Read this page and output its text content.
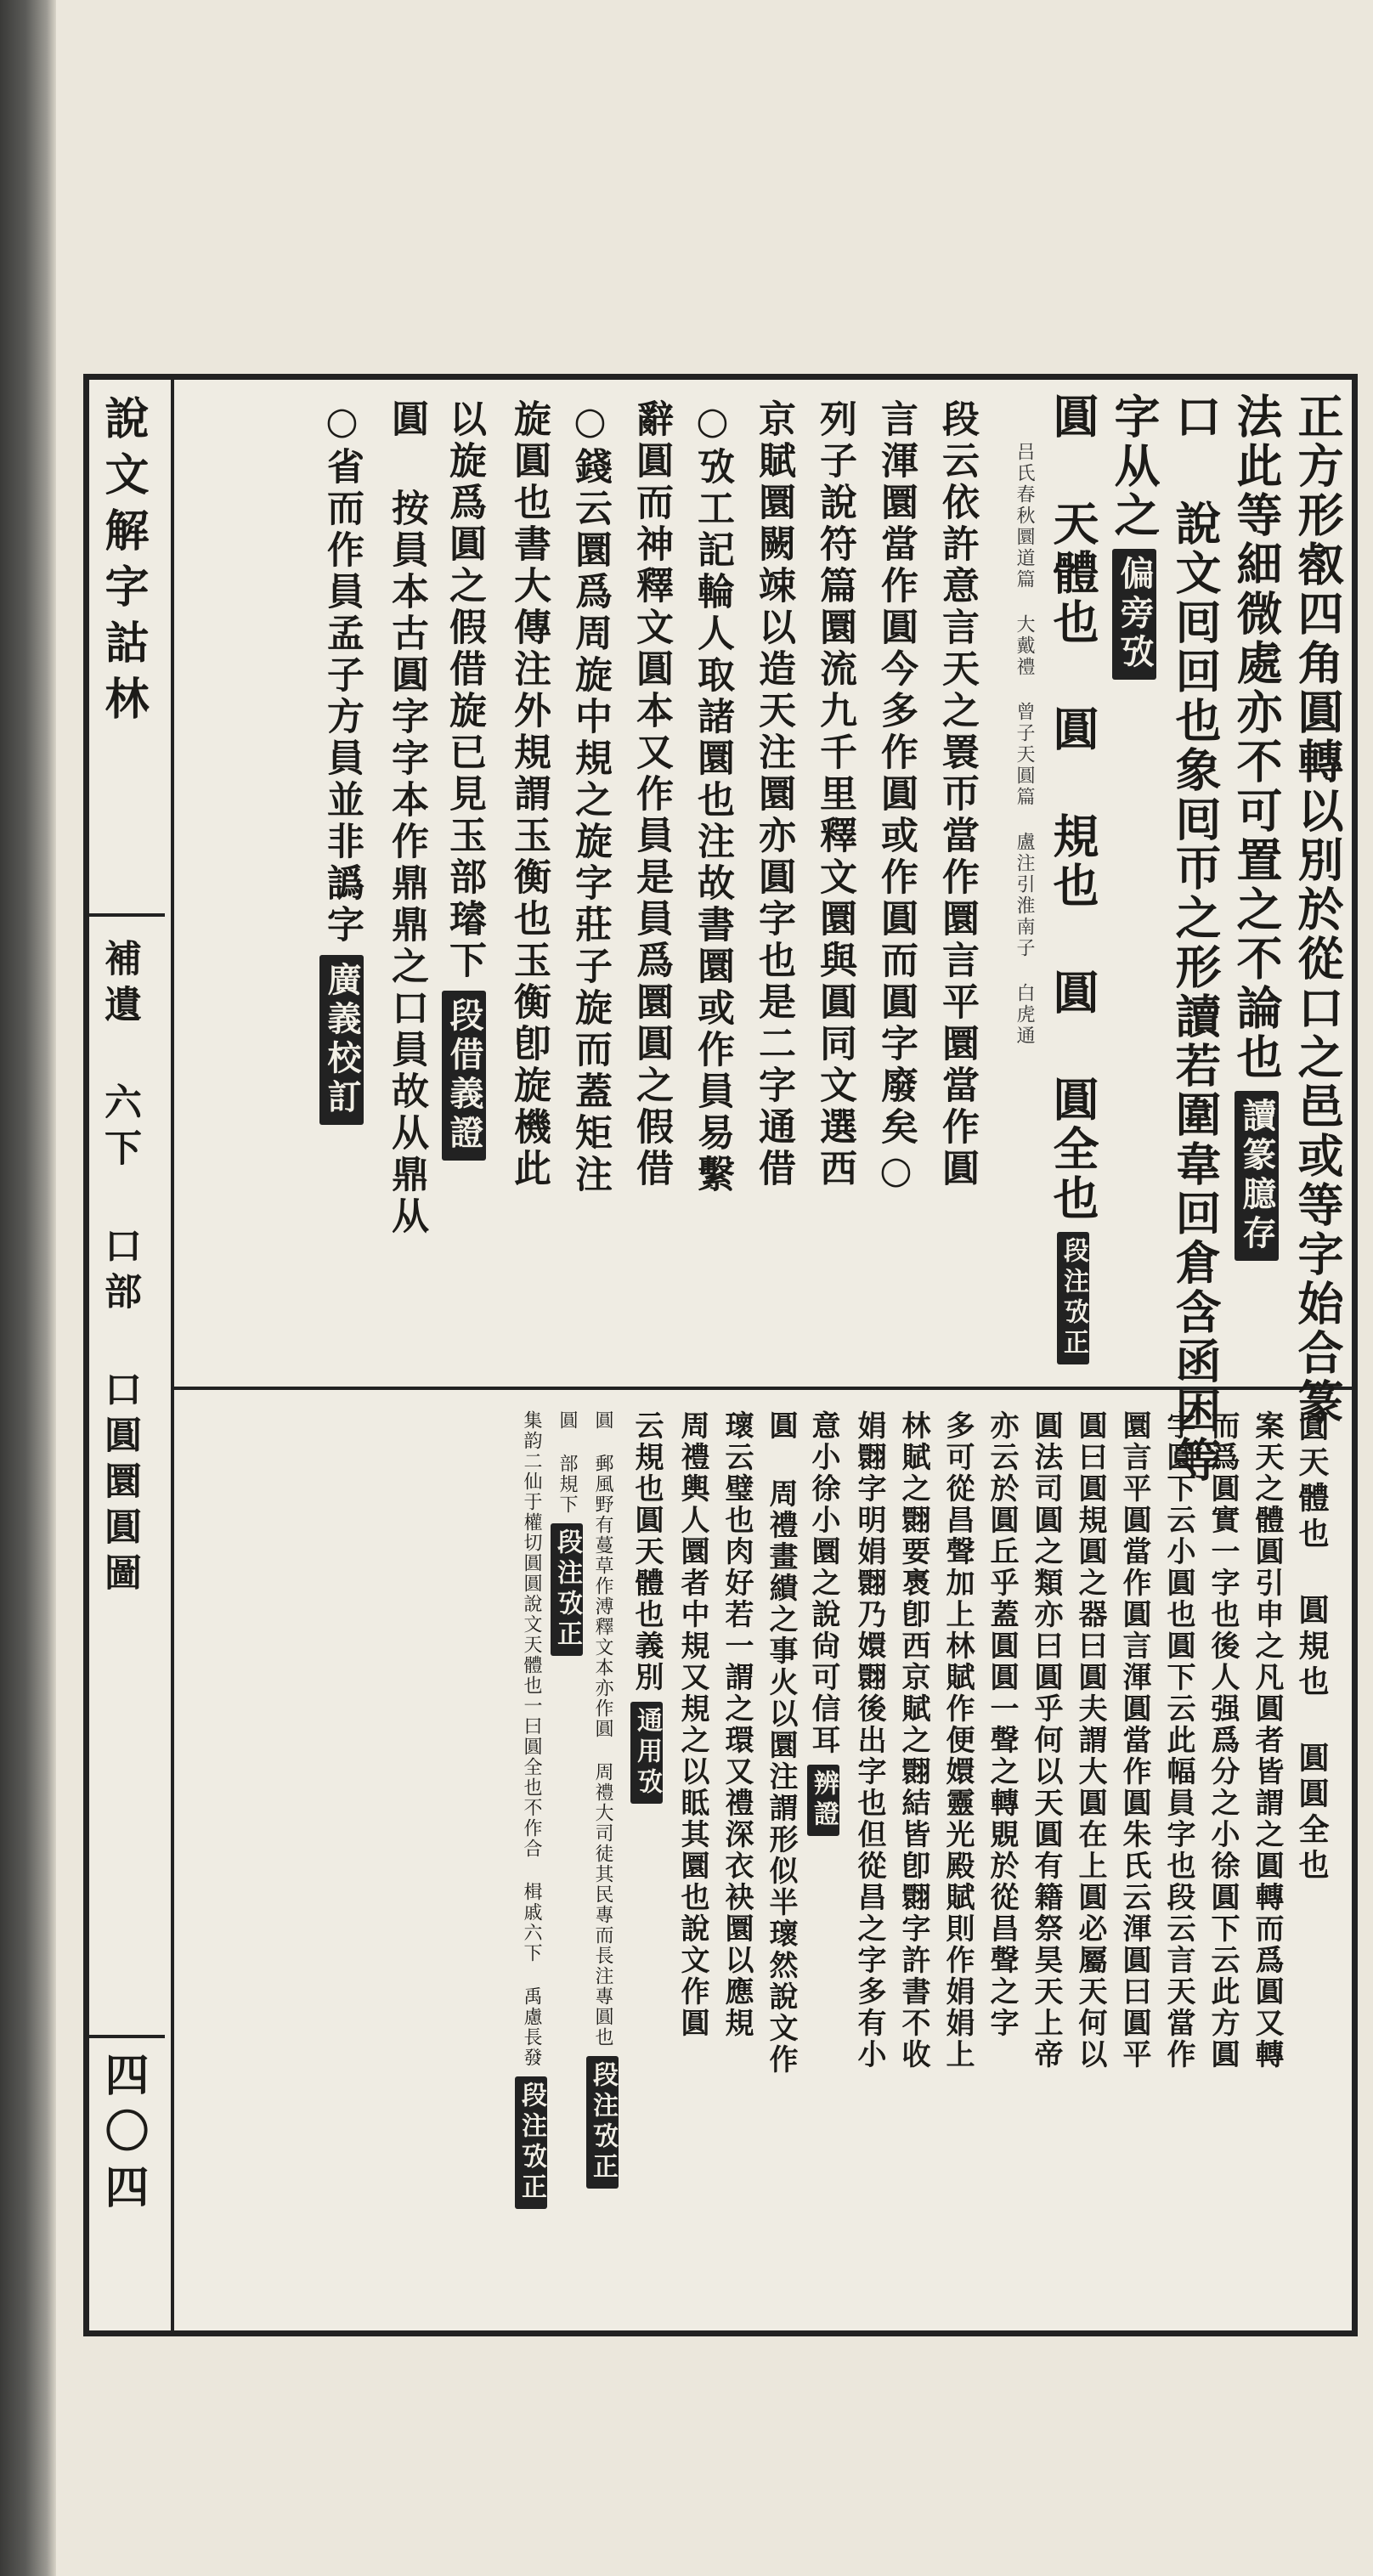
說文解字詁林
補遺 六下 口部 口圓圜圓圖
四〇四
正方形㕡四角圓轉以別於從口之邑或等字始合篆
法此等細微處亦不可置之不論也讀篆臆存
口 說文囘回也象囘帀之形讀若圍韋回倉含函困等
字从之偏旁攷
圓 天體也 圓 規也 圓 圓全也段注攷正
吕氏春秋圜道篇 大戴禮 曾子天圓篇 盧注引淮南子 白虎通
段云依許意言天之瞏帀當作圜言平圜當作圓
言渾圜當作圓今多作圓或作圓而圓字廢矣○
列子說符篇圜流九千里釋文圜與圓同文選西
京賦圜闕竦以造天注圜亦圓字也是二字通借
○攷工記輪人取諸圜也注故書圜或作員易繫
辭圓而神釋文圓本又作員是員爲圜圓之假借
○錢云圜爲周旋中規之旋字莊子旋而蓋矩注
旋圓也書大傳注外規謂玉衡也玉衡卽旋機此
以旋爲圓之假借旋已見玉部璿下段借義證
圓 按員本古圓字字本作鼎鼎之口員故从鼎从
○省而作員孟子方員並非譌字廣義校訂
圓天體也 圓規也 圓圓全也
案天之體圓引申之凡圓者皆謂之圓轉而爲圓又轉
而爲圓實一字也後人强爲分之小徐圓下云此方圓
字圓下云小圓也圓下云此幅員字也段云言天當作
圜言平圓當作圓言渾圓當作圓朱氏云渾圓曰圓平
圓曰圓規圓之器曰圓夫謂大圓在上圓必屬天何以
圓法司圓之類亦曰圓乎何以天圓有籍祭昊天上帝
亦云於圓丘乎蓋圓圓一聲之轉覞於從昌聲之字
多可從昌聲加上林賦作便嬛靈光殿賦則作娟娟上
林賦之翾要褭卽西京賦之翾結皆卽翾字許書不收
娟翾字明娟翾乃嬛翾後出字也但從昌之字多有小
意小徐小圜之說尙可信耳辨證
圓 周禮畫繢之事火以圜注謂形似半瓌然說文作
瓌云璧也肉好若一謂之環又禮深衣袂圜以應規
周禮輿人圜者中規又規之以眡其圜也說文作圓
云規也圓天體也義別通用攷
圓 郵風野有蔓草作溥釋文本亦作圓 周禮大司徒其民專而長注專圓也段注攷正
圓 部規下段注攷正
集韵二仙于權切圓圓說文天體也一曰圓全也不作合 楫戚六下 禹慮長發段注攷正
